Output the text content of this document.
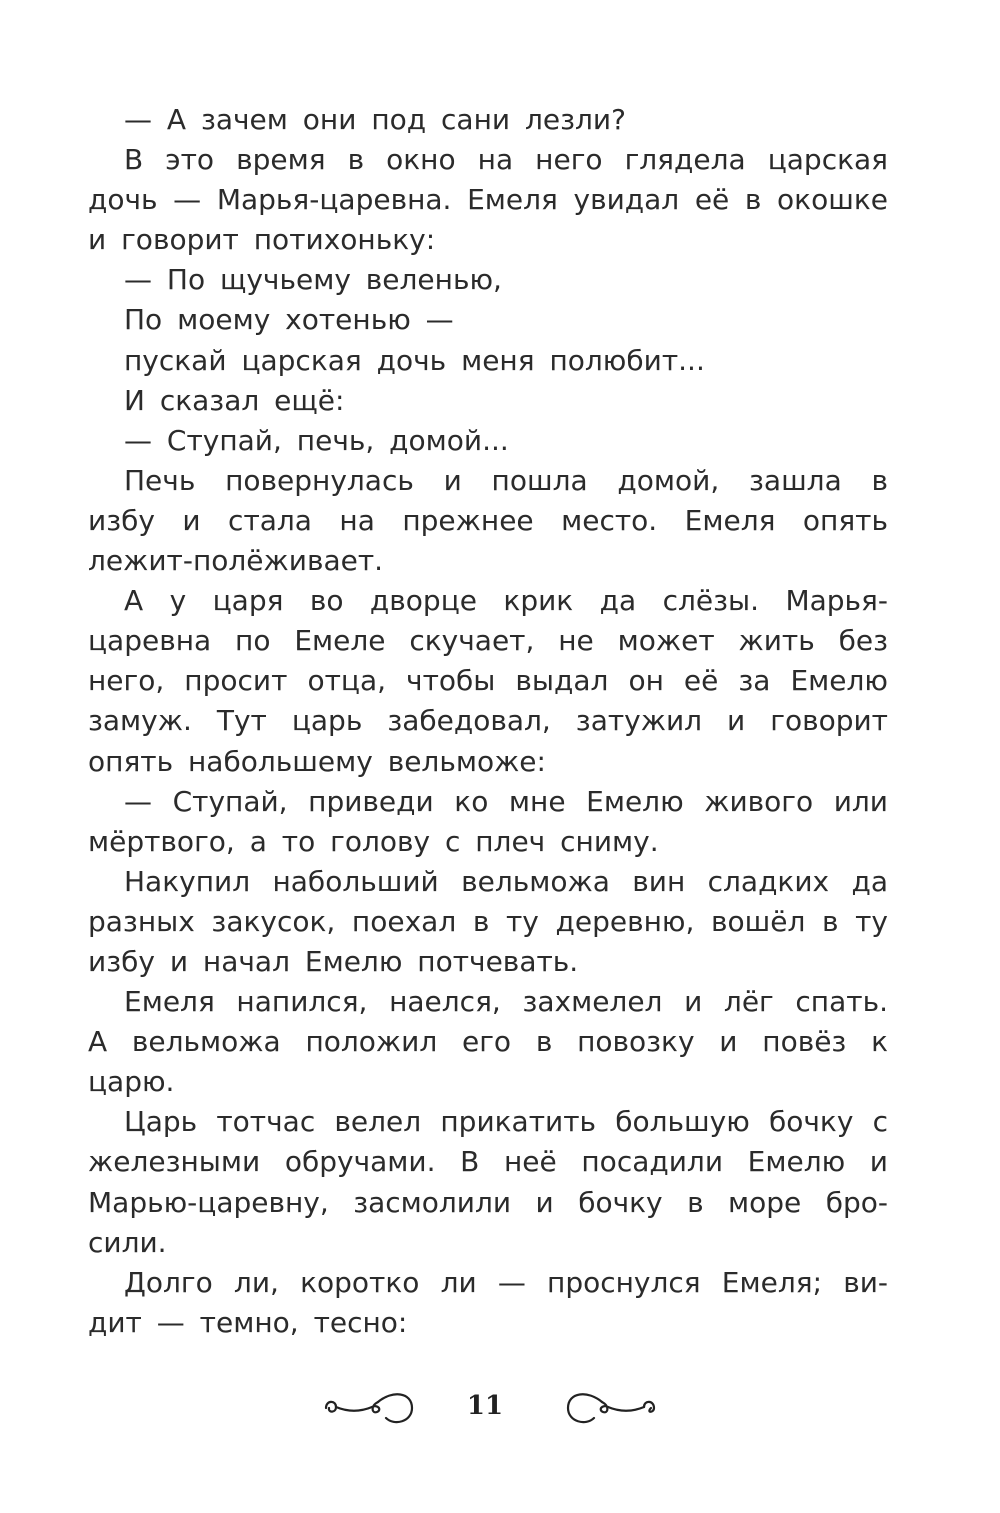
— А зачем они под сани лезли?
В это время в окно на него глядела царская
дочь — Марья-царевна. Емеля увидал её в окошке
и говорит потихоньку:
— По щучьему веленью,
По моему хотенью —
пускай царская дочь меня полюбит...
И сказал ещё:
— Ступай, печь, домой...
Печь повернулась и пошла домой, зашла в
избу и стала на прежнее место. Емеля опять
лежит-полёживает.
А у царя во дворце крик да слёзы. Марья-
царевна по Емеле скучает, не может жить без
него, просит отца, чтобы выдал он её за Емелю
замуж. Тут царь забедовал, затужил и говорит
опять набольшему вельможе:
— Ступай, приведи ко мне Емелю живого или
мёртвого, а то голову с плеч сниму.
Накупил набольший вельможа вин сладких да
разных закусок, поехал в ту деревню, вошёл в ту
избу и начал Емелю потчевать.
Емеля напился, наелся, захмелел и лёг спать.
А вельможа положил его в повозку и повёз к
царю.
Царь тотчас велел прикатить большую бочку с
железными обручами. В неё посадили Емелю и
Марью-царевну, засмолили и бочку в море бро-
сили.
Долго ли, коротко ли — проснулся Емеля; ви-
дит — темно, тесно:
11
